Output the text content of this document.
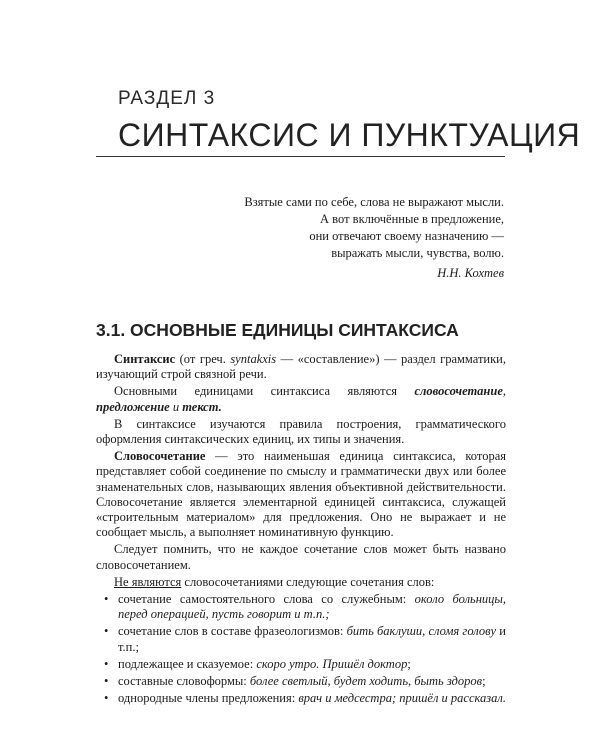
РАЗДЕЛ 3
СИНТАКСИС И ПУНКТУАЦИЯ
Взятые сами по себе, слова не выражают мысли.
А вот включённые в предложение,
они отвечают своему назначению —
выражать мысли, чувства, волю.
Н.Н. Кохтев
3.1. ОСНОВНЫЕ ЕДИНИЦЫ СИНТАКСИСА

Синтаксис (от греч. syntakxis — «составление») — раздел грамматики, изучающий строй связной речи.

Основными единицами синтаксиса являются словосочетание, предложение и текст.

В синтаксисе изучаются правила построения, грамматического оформления синтаксических единиц, их типы и значения.

Словосочетание — это наименьшая единица синтаксиса, которая представляет собой соединение по смыслу и грамматически двух или более знаменательных слов, называющих явления объективной действительности. Словосочетание является элементарной единицей синтаксиса, служащей «строительным материалом» для предложения. Оно не выражает и не сообщает мысль, а выполняет номинативную функцию.

Следует помнить, что не каждое сочетание слов может быть названо словосочетанием.

Не являются словосочетаниями следующие сочетания слов:

• сочетание самостоятельного слова со служебным: около больницы, перед операцией, пусть говорит и т.п.;
• сочетание слов в составе фразеологизмов: бить баклуши, сломя голову и т.п.;
• подлежащее и сказуемое: скоро утро. Пришёл доктор;
• составные словоформы: более светлый, будет ходить, быть здоров;
• однородные члены предложения: врач и медсестра; пришёл и рассказал.
